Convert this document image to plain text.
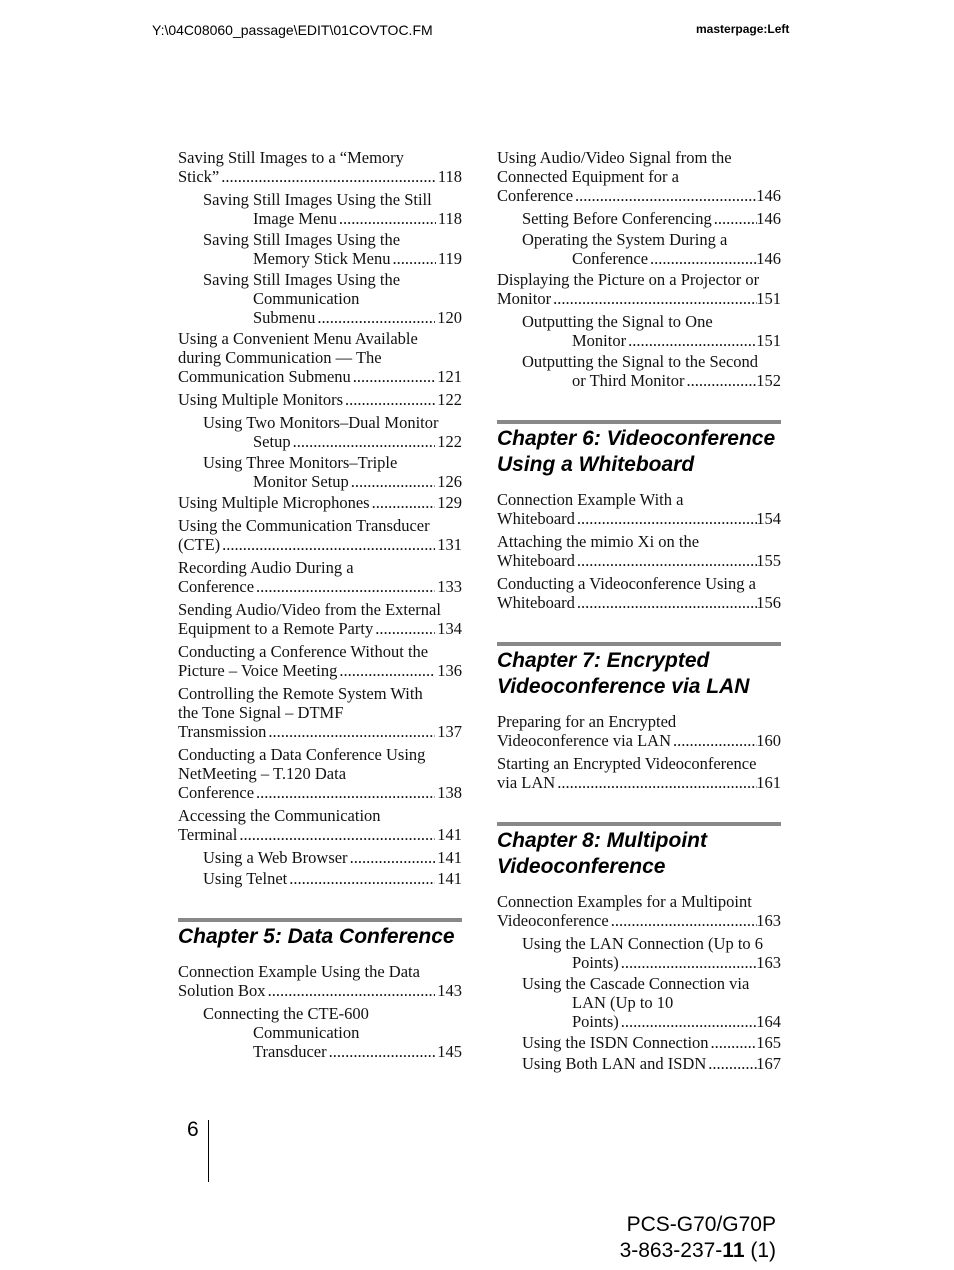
Y:\04C08060_passage\EDIT\01COVTOC.FM	masterpage:Left
Saving Still Images to a “Memory
Stick” .....	118
Saving Still Images Using the Still
Image Menu .....	118
Saving Still Images Using the
Memory Stick Menu .....	119
Saving Still Images Using the
Communication
Submenu .....	120
Using a Convenient Menu Available
during Communication — The
Communication Submenu .....	121
Using Multiple Monitors .....	122
Using Two Monitors–Dual Monitor
Setup .....	122
Using Three Monitors–Triple
Monitor Setup .....	126
Using Multiple Microphones .....	129
Using the Communication Transducer
(CTE) .....	131
Recording Audio During a
Conference .....	133
Sending Audio/Video from the External
Equipment to a Remote Party .....	134
Conducting a Conference Without the
Picture – Voice Meeting .....	136
Controlling the Remote System With
the Tone Signal – DTMF
Transmission .....	137
Conducting a Data Conference Using
NetMeeting – T.120 Data
Conference .....	138
Accessing the Communication
Terminal .....	141
Using a Web Browser .....	141
Using Telnet .....	141
Chapter 5: Data Conference
Connection Example Using the Data
Solution Box .....	143
Connecting the CTE-600
Communication
Transducer .....	145
Using Audio/Video Signal from the
Connected Equipment for a
Conference .....	146
Setting Before Conferencing .....	146
Operating the System During a
Conference .....	146
Displaying the Picture on a Projector or
Monitor .....	151
Outputting the Signal to One
Monitor .....	151
Outputting the Signal to the Second
or Third Monitor .....	152
Chapter 6: Videoconference
Using a Whiteboard
Connection Example With a
Whiteboard .....	154
Attaching the mimio Xi on the
Whiteboard .....	155
Conducting a Videoconference Using a
Whiteboard .....	156
Chapter 7: Encrypted
Videoconference via LAN
Preparing for an Encrypted
Videoconference via LAN .....	160
Starting an Encrypted Videoconference
via LAN .....	161
Chapter 8: Multipoint
Videoconference
Connection Examples for a Multipoint
Videoconference .....	163
Using the LAN Connection (Up to 6
Points) .....	163
Using the Cascade Connection via
LAN (Up to 10
Points) .....	164
Using the ISDN Connection .....	165
Using Both LAN and ISDN .....	167
6
PCS-G70/G70P
3-863-237-11 (1)
